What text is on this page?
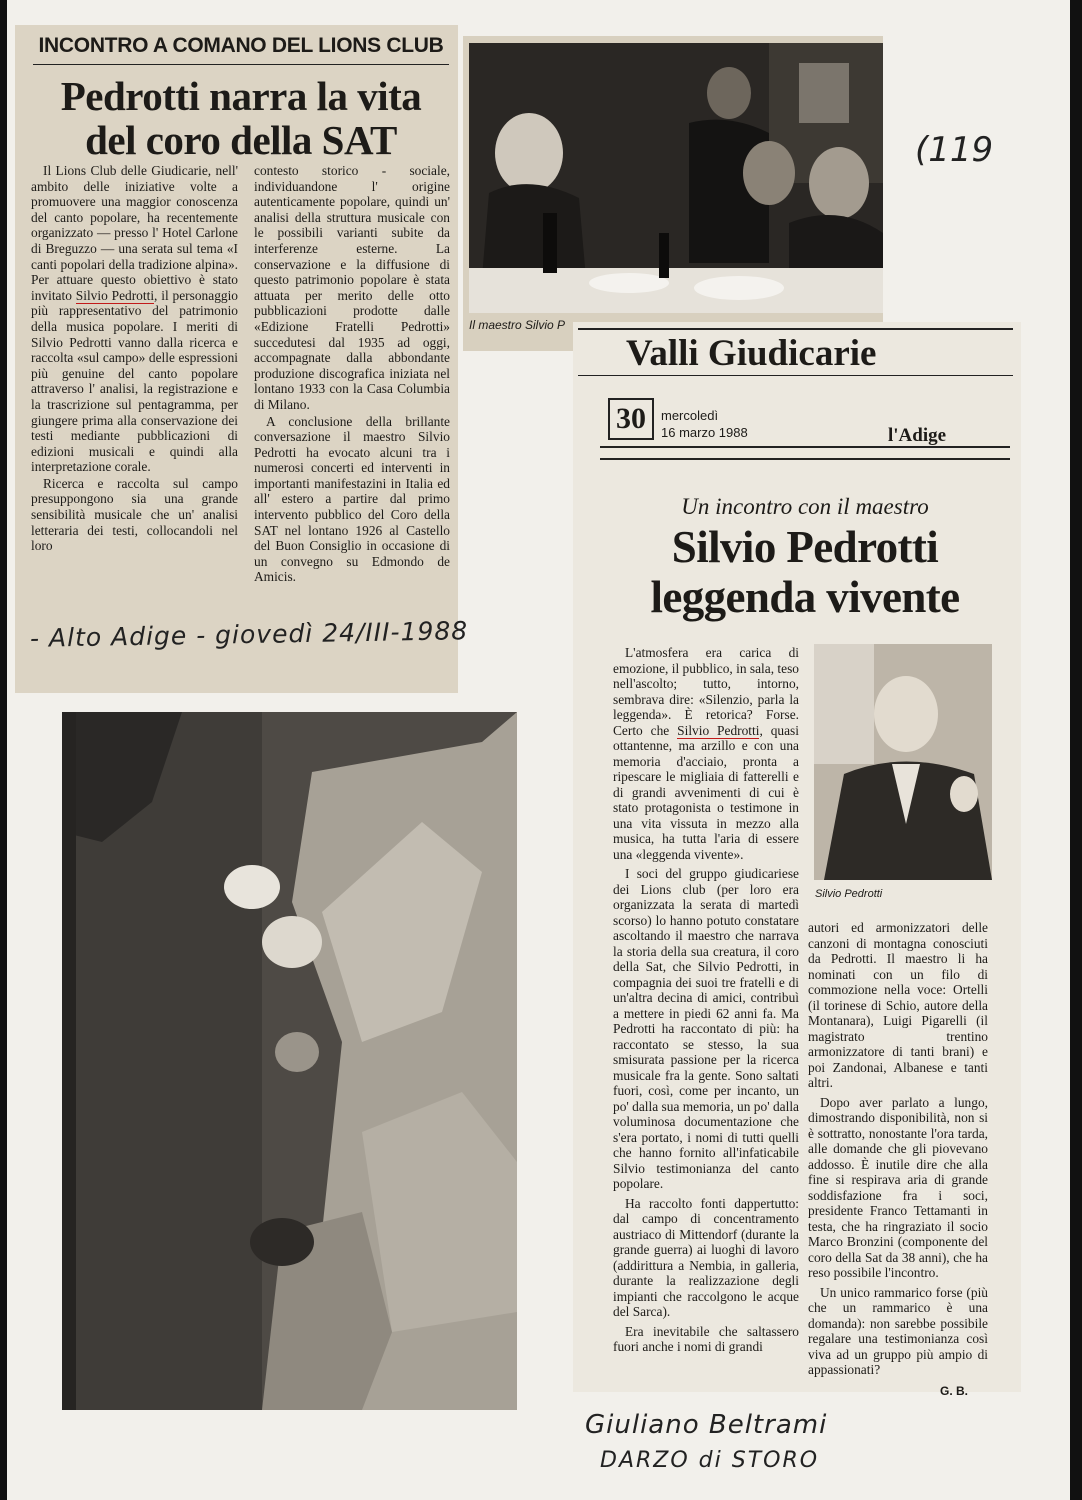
INCONTRO A COMANO DEL LIONS CLUB
Pedrotti narra la vita del coro della SAT

Il Lions Club delle Giudicarie, nell' ambito delle iniziative volte a promuovere una maggior conoscenza del canto popolare, ha recentemente organizzato — presso l' Hotel Carlone di Breguzzo — una serata sul tema «I canti popolari della tradizione alpina». Per attuare questo obiettivo è stato invitato Silvio Pedrotti, il personaggio più rappresentativo del patrimonio della musica popolare. I meriti di Silvio Pedrotti vanno dalla ricerca e raccolta «sul campo» delle espressioni più genuine del canto popolare attraverso l' analisi, la registrazione e la trascrizione sul pentagramma, per giungere prima alla conservazione dei testi mediante pubblicazioni di edizioni musicali e quindi alla interpretazione corale.

Ricerca e raccolta sul campo presuppongono sia una grande sensibilità musicale che un' analisi letteraria dei testi, collocandoli nel loro

contesto storico - sociale, individuandone l' origine autenticamente popolare, quindi un' analisi della struttura musicale con le possibili varianti subite da interferenze esterne. La conservazione e la diffusione di questo patrimonio popolare è stata attuata per merito delle otto pubblicazioni prodotte dalle «Edizione Fratelli Pedrotti» succedutesi dal 1935 ad oggi, accompagnate dalla abbondante produzione discografica iniziata nel lontano 1933 con la Casa Columbia di Milano.

A conclusione della brillante conversazione il maestro Silvio Pedrotti ha evocato alcuni tra i numerosi concerti ed interventi in importanti manifestazini in Italia ed all' estero a partire dal primo intervento pubblico del Coro della SAT nel lontano 1926 al Castello del Buon Consiglio in occasione di un convegno su Edmondo de Amicis.

- Alto Adige - giovedì 24/III-1988
Il maestro Silvio P
(119
Valli Giudicarie
30	mercoledì
16 marzo 1988	l'Adige
Un incontro con il maestro
Silvio Pedrotti leggenda vivente
Silvio Pedrotti

L'atmosfera era carica di emozione, il pubblico, in sala, teso nell'ascolto; tutto, intorno, sembrava dire: «Silenzio, parla la leggenda». È retorica? Forse. Certo che Silvio Pedrotti, quasi ottantenne, ma arzillo e con una memoria d'acciaio, pronta a ripescare le migliaia di fatterelli e di grandi avvenimenti di cui è stato protagonista o testimone in una vita vissuta in mezzo alla musica, ha tutta l'aria di essere una «leggenda vivente».

I soci del gruppo giudicariese dei Lions club (per loro era organizzata la serata di martedì scorso) lo hanno potuto constatare ascoltando il maestro che narrava la storia della sua creatura, il coro della Sat, che Silvio Pedrotti, in compagnia dei suoi tre fratelli e di un'altra decina di amici, contribuì a mettere in piedi 62 anni fa. Ma Pedrotti ha raccontato di più: ha raccontato se stesso, la sua smisurata passione per la ricerca musicale fra la gente. Sono saltati fuori, così, come per incanto, un po' dalla sua memoria, un po' dalla voluminosa documentazione che s'era portato, i nomi di tutti quelli che hanno fornito all'infaticabile Silvio testimonianza del canto popolare.

Ha raccolto fonti dappertutto: dal campo di concentramento austriaco di Mittendorf (durante la grande guerra) ai luoghi di lavoro (addirittura a Nembia, in galleria, durante la realizzazione degli impianti che raccolgono le acque del Sarca).

Era inevitabile che saltassero fuori anche i nomi di grandi

autori ed armonizzatori delle canzoni di montagna conosciuti da Pedrotti. Il maestro li ha nominati con un filo di commozione nella voce: Ortelli (il torinese di Schio, autore della Montanara), Luigi Pigarelli (il magistrato trentino armonizzatore di tanti brani) e poi Zandonai, Albanese e tanti altri.

Dopo aver parlato a lungo, dimostrando disponibilità, non si è sottratto, nonostante l'ora tarda, alle domande che gli piovevano addosso. È inutile dire che alla fine si respirava aria di grande soddisfazione fra i soci, presidente Franco Tettamanti in testa, che ha ringraziato il socio Marco Bronzini (componente del coro della Sat da 38 anni), che ha reso possibile l'incontro.

Un unico rammarico forse (più che un rammarico è una domanda): non sarebbe possibile regalare una testimonianza così viva ad un gruppo più ampio di appassionati?

G. B.
Giuliano Beltrami
DARZO di STORO
